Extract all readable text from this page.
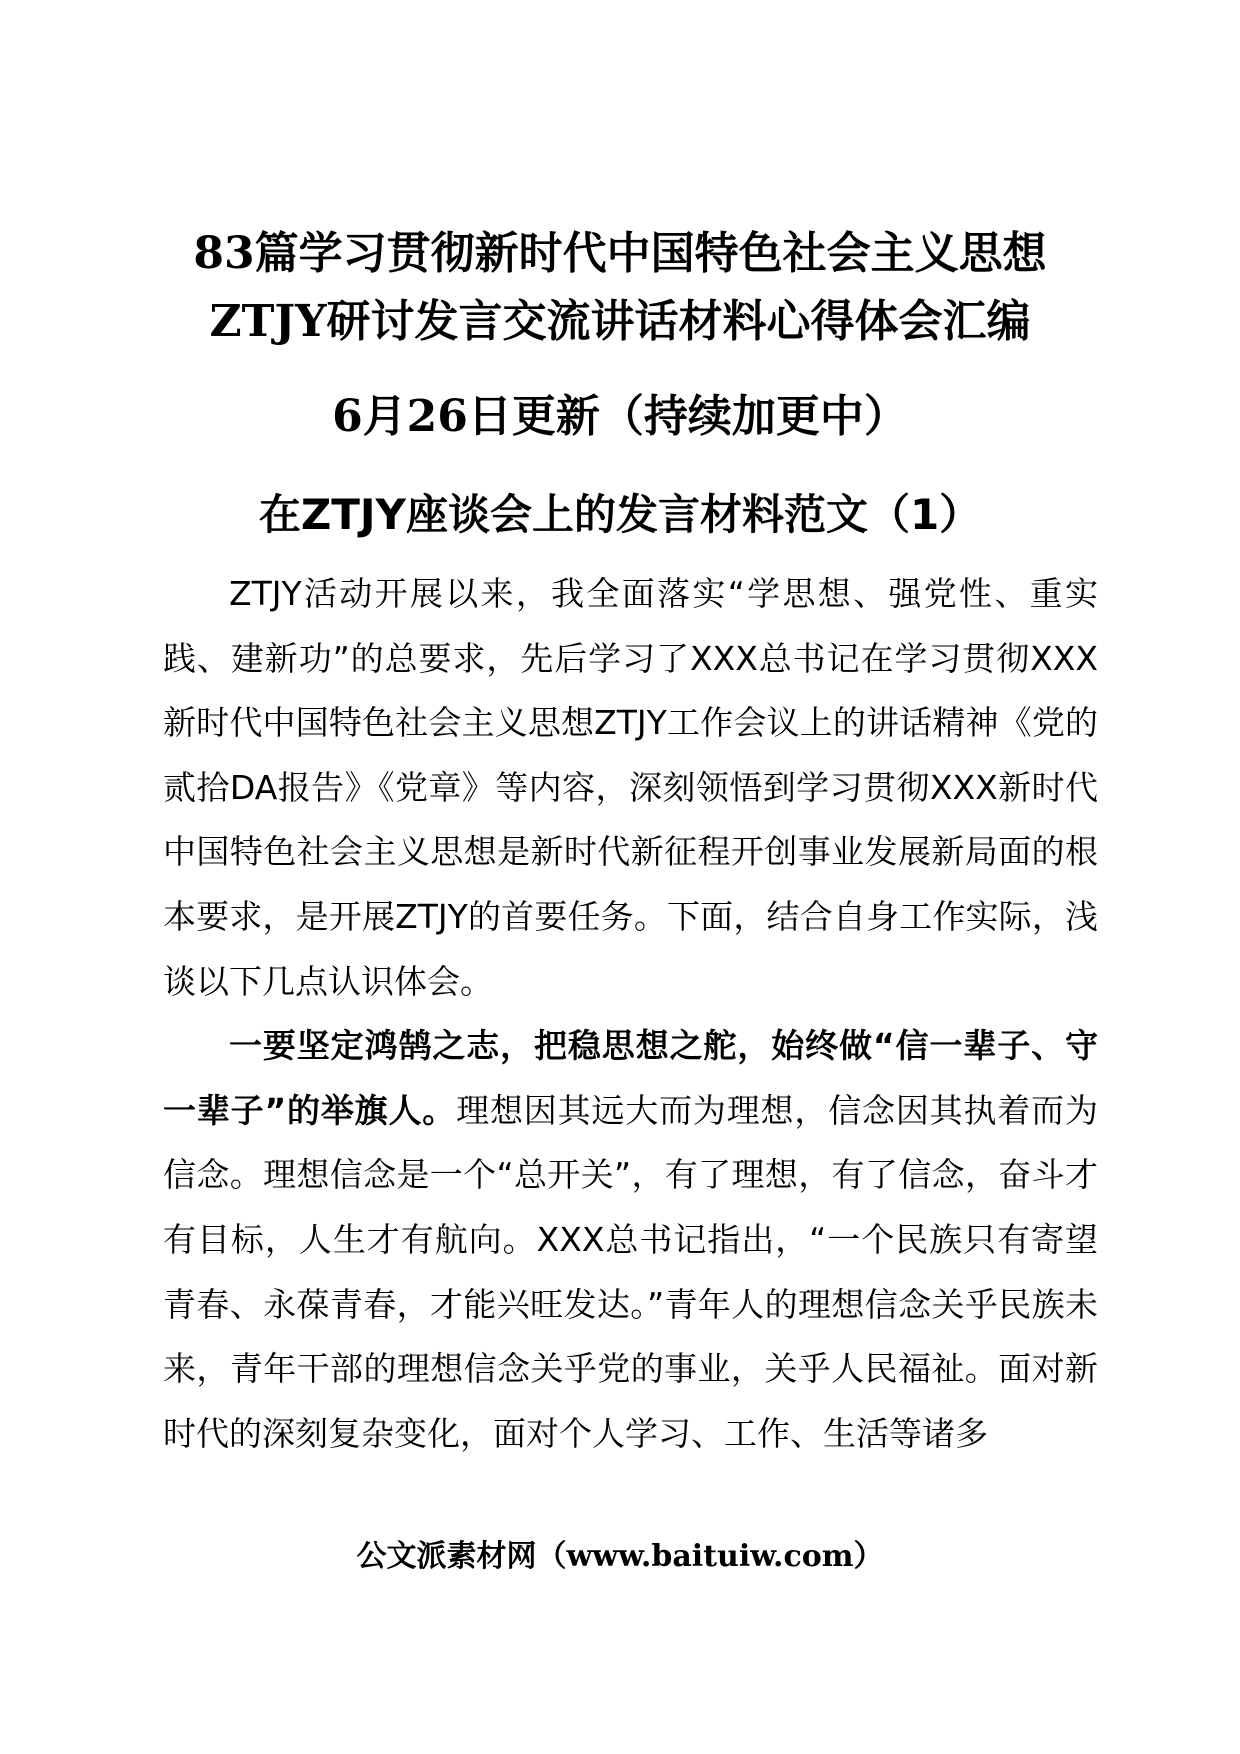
83篇学习贯彻新时代中国特色社会主义思想
ZTJY研讨发言交流讲话材料心得体会汇编
6月26日更新（持续加更中）
在ZTJY座谈会上的发言材料范文（1）

ZTJY活动开展以来，我全面落实“学思想、强党性、重实践、建新功”的总要求，先后学习了XXX总书记在学习贯彻XXX新时代中国特色社会主义思想ZTJY工作会议上的讲话精神《党的贰拾DA报告》《党章》等内容，深刻领悟到学习贯彻XXX新时代中国特色社会主义思想是新时代新征程开创事业发展新局面的根本要求，是开展ZTJY的首要任务。下面，结合自身工作实际，浅谈以下几点认识体会。

一要坚定鸿鹄之志，把稳思想之舵，始终做“信一辈子、守一辈子”的举旗人。理想因其远大而为理想，信念因其执着而为信念。理想信念是一个“总开关”，有了理想，有了信念，奋斗才有目标，人生才有航向。XXX总书记指出，“一个民族只有寄望青春、永葆青春，才能兴旺发达。”青年人的理想信念关乎民族未来，青年干部的理想信念关乎党的事业，关乎人民福祉。面对新时代的深刻复杂变化，面对个人学习、工作、生活等诸多

公文派素材网（www.baituiw.com）
